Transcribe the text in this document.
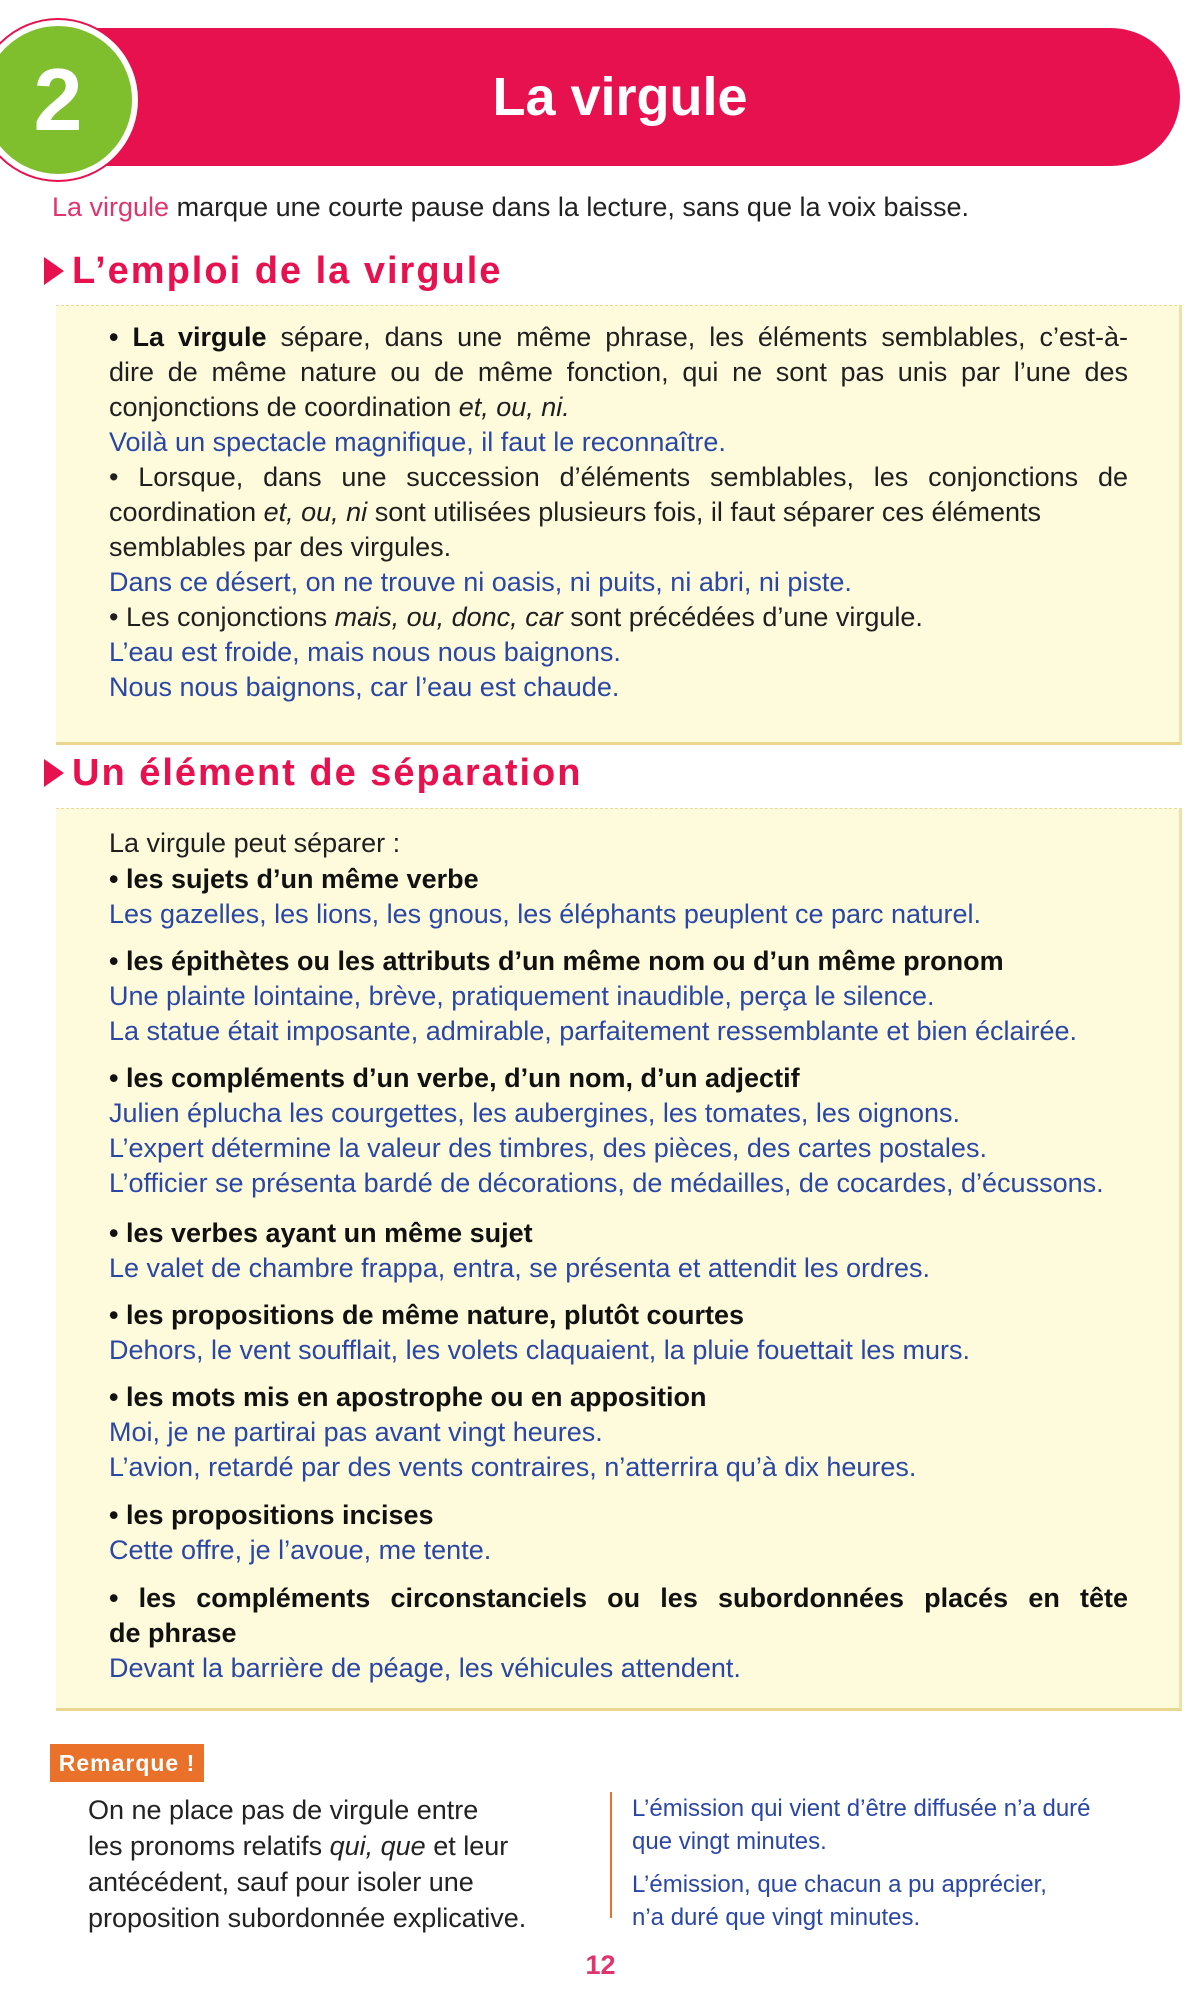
La virgule
2
La virgule marque une courte pause dans la lecture, sans que la voix baisse.
L’emploi de la virgule
• La virgule sépare, dans une même phrase, les éléments semblables, c’est-à-
dire de même nature ou de même fonction, qui ne sont pas unis par l’une des
conjonctions de coordination et, ou, ni.
Voilà un spectacle magnifique, il faut le reconnaître.
• Lorsque, dans une succession d’éléments semblables, les conjonctions de
coordination et, ou, ni sont utilisées plusieurs fois, il faut séparer ces éléments
semblables par des virgules.
Dans ce désert, on ne trouve ni oasis, ni puits, ni abri, ni piste.
• Les conjonctions mais, ou, donc, car sont précédées d’une virgule.
L’eau est froide, mais nous nous baignons.
Nous nous baignons, car l’eau est chaude.
Un élément de séparation
La virgule peut séparer :
• les sujets d’un même verbe
Les gazelles, les lions, les gnous, les éléphants peuplent ce parc naturel.
• les épithètes ou les attributs d’un même nom ou d’un même pronom
Une plainte lointaine, brève, pratiquement inaudible, perça le silence.
La statue était imposante, admirable, parfaitement ressemblante et bien éclairée.
• les compléments d’un verbe, d’un nom, d’un adjectif
Julien éplucha les courgettes, les aubergines, les tomates, les oignons.
L’expert détermine la valeur des timbres, des pièces, des cartes postales.
L’officier se présenta bardé de décorations, de médailles, de cocardes, d’écussons.
• les verbes ayant un même sujet
Le valet de chambre frappa, entra, se présenta et attendit les ordres.
• les propositions de même nature, plutôt courtes
Dehors, le vent soufflait, les volets claquaient, la pluie fouettait les murs.
• les mots mis en apostrophe ou en apposition
Moi, je ne partirai pas avant vingt heures.
L’avion, retardé par des vents contraires, n’atterrira qu’à dix heures.
• les propositions incises
Cette offre, je l’avoue, me tente.
• les compléments circonstanciels ou les subordonnées placés en tête
de phrase
Devant la barrière de péage, les véhicules attendent.
Remarque !
On ne place pas de virgule entre
les pronoms relatifs qui, que et leur
antécédent, sauf pour isoler une
proposition subordonnée explicative.
L’émission qui vient d’être diffusée n’a duré
que vingt minutes.
L’émission, que chacun a pu apprécier,
n’a duré que vingt minutes.
12
